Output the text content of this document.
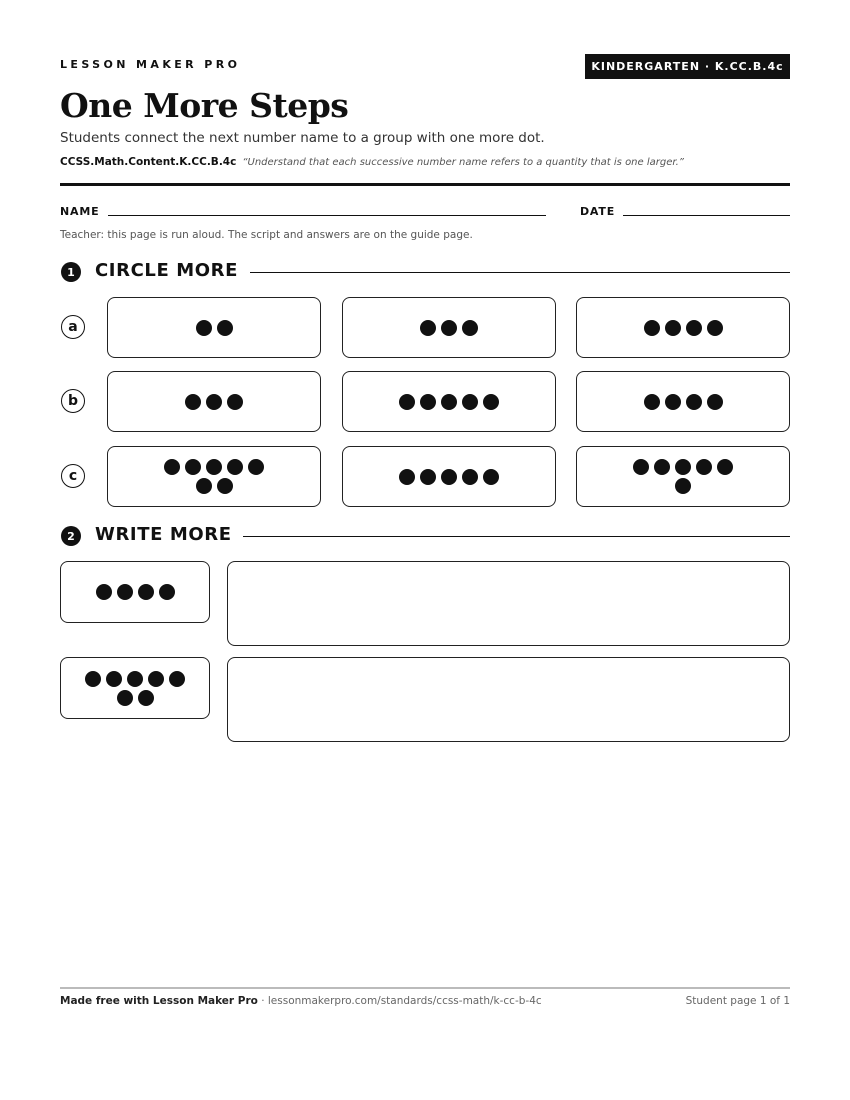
LESSON MAKER PRO	KINDERGARTEN · K.CC.B.4c
One More Steps
Students connect the next number name to a group with one more dot.
CCSS.Math.Content.K.CC.B.4c “Understand that each successive number name refers to a quantity that is one larger.”
NAME	DATE
Teacher: this page is run aloud. The script and answers are on the guide page.
1	CIRCLE MORE
a
b
c
2	WRITE MORE
Made free with Lesson Maker Pro · lessonmakerpro.com/standards/ccss-math/k-cc-b-4c	Student page 1 of 1
